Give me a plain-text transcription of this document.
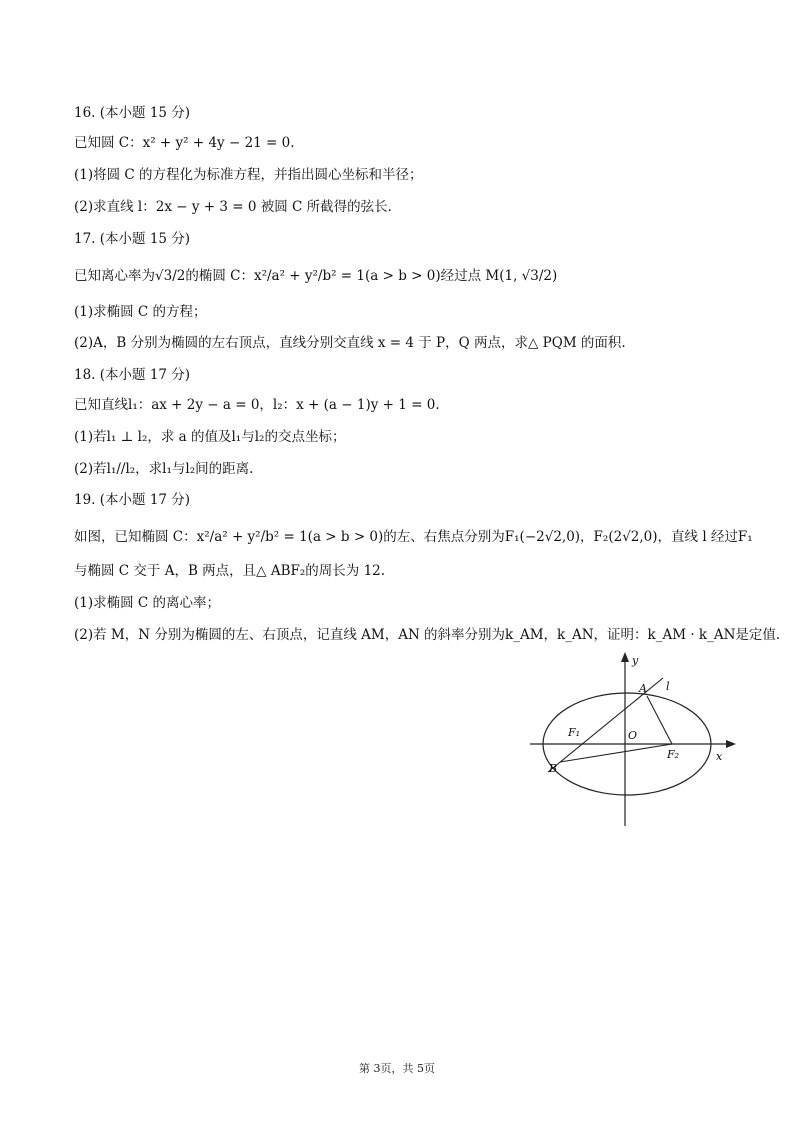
16. (本小题 15 分)
已知圆 C：x² + y² + 4y − 21 = 0.
(1)将圆 C 的方程化为标准方程，并指出圆心坐标和半径；
(2)求直线 l：2x − y + 3 = 0 被圆 C 所截得的弦长.
17. (本小题 15 分)
已知离心率为√3/2的椭圆 C：x²/a² + y²/b² = 1(a > b > 0)经过点 M(1, √3/2)
(1)求椭圆 C 的方程；
(2)A，B 分别为椭圆的左右顶点，直线分别交直线 x = 4 于 P，Q 两点，求△ PQM 的面积.
18. (本小题 17 分)
已知直线l₁：ax + 2y − a = 0，l₂：x + (a − 1)y + 1 = 0.
(1)若l₁ ⊥ l₂，求 a 的值及l₁与l₂的交点坐标；
(2)若l₁//l₂，求l₁与l₂间的距离.
19. (本小题 17 分)
如图，已知椭圆 C：x²/a² + y²/b² = 1(a > b > 0)的左、右焦点分别为F₁(−2√2,0)，F₂(2√2,0)，直线 l 经过F₁
与椭圆 C 交于 A，B 两点，且△ ABF₂的周长为 12.
(1)求椭圆 C 的离心率；
(2)若 M，N 分别为椭圆的左、右顶点，记直线 AM，AN 的斜率分别为k_AM，k_AN，证明：k_AM · k_AN是定值.
y
x
A l
F₁	O
F₂
B
第 3页，共 5页
